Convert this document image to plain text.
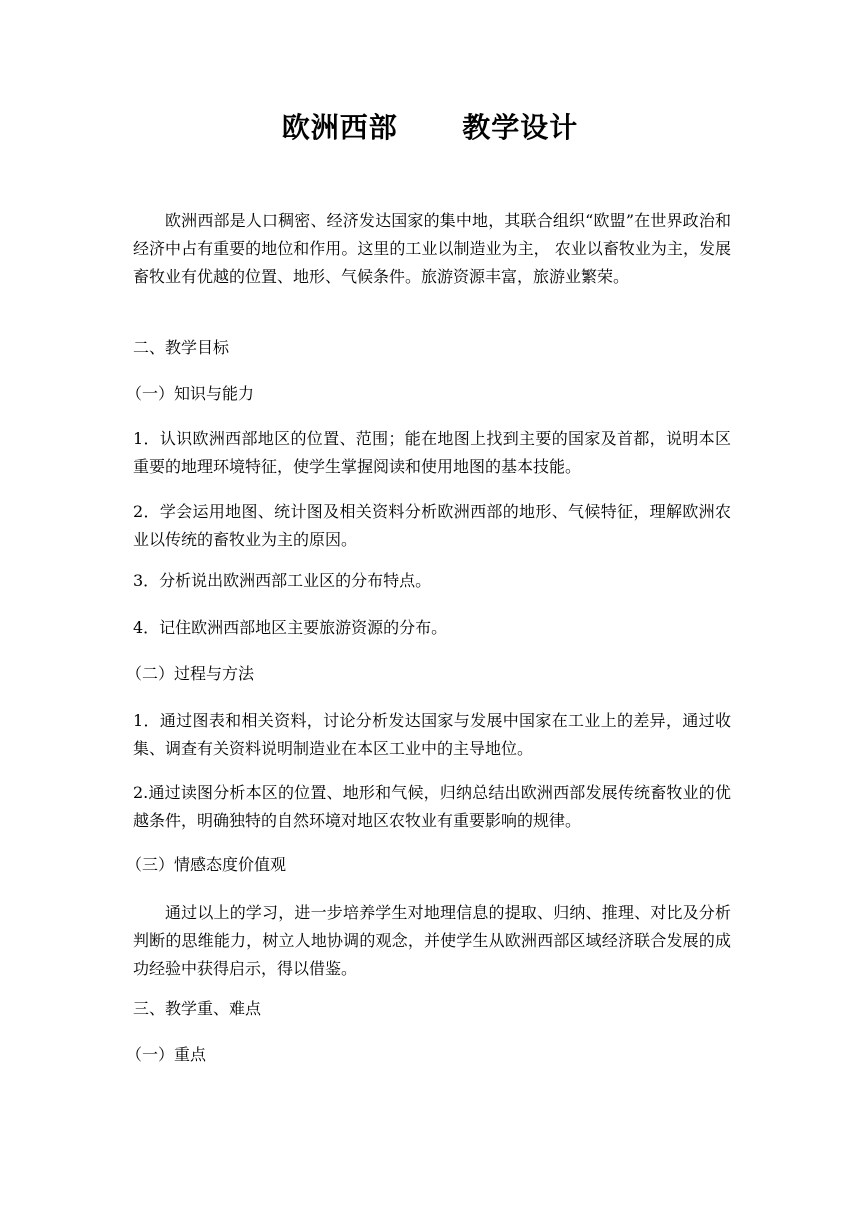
欧洲西部      教学设计

欧洲西部是人口稠密、经济发达国家的集中地，其联合组织“欧盟”在世界政治和经济中占有重要的地位和作用。这里的工业以制造业为主， 农业以畜牧业为主，发展畜牧业有优越的位置、地形、气候条件。旅游资源丰富，旅游业繁荣。

二、教学目标

（一）知识与能力

1．认识欧洲西部地区的位置、范围；能在地图上找到主要的国家及首都，说明本区重要的地理环境特征，使学生掌握阅读和使用地图的基本技能。

2．学会运用地图、统计图及相关资料分析欧洲西部的地形、气候特征，理解欧洲农业以传统的畜牧业为主的原因。

3．分析说出欧洲西部工业区的分布特点。

4．记住欧洲西部地区主要旅游资源的分布。

（二）过程与方法

1．通过图表和相关资料，讨论分析发达国家与发展中国家在工业上的差异，通过收集、调查有关资料说明制造业在本区工业中的主导地位。

2.通过读图分析本区的位置、地形和气候，归纳总结出欧洲西部发展传统畜牧业的优越条件，明确独特的自然环境对地区农牧业有重要影响的规律。

（三）情感态度价值观

通过以上的学习，进一步培养学生对地理信息的提取、归纳、推理、对比及分析判断的思维能力，树立人地协调的观念，并使学生从欧洲西部区域经济联合发展的成功经验中获得启示，得以借鉴。

三、教学重、难点

（一）重点
